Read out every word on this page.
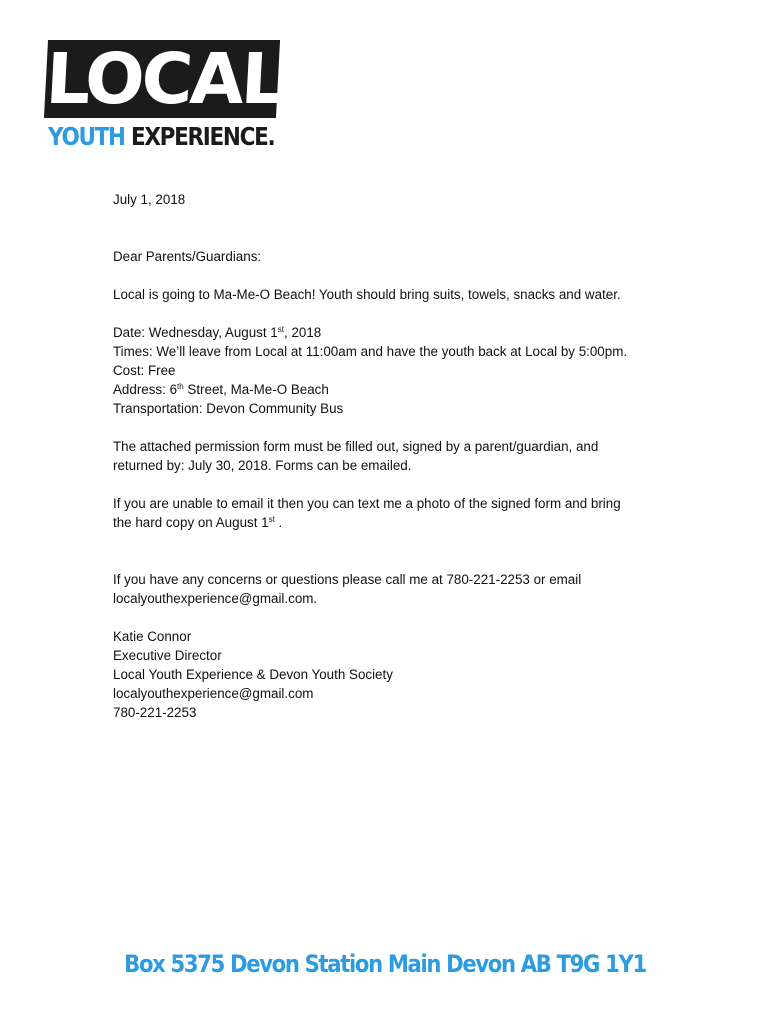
LOCAL
YOUTH EXPERIENCE.
July 1, 2018
Dear Parents/Guardians:
Local is going to Ma-Me-O Beach! Youth should bring suits, towels, snacks and water.
Date: Wednesday, August 1st, 2018
Times: We’ll leave from Local at 11:00am and have the youth back at Local by 5:00pm.
Cost: Free
Address: 6th Street, Ma-Me-O Beach
Transportation: Devon Community Bus
The attached permission form must be filled out, signed by a parent/guardian, and
returned by: July 30, 2018. Forms can be emailed.
If you are unable to email it then you can text me a photo of the signed form and bring
the hard copy on August 1st .
If you have any concerns or questions please call me at 780-221-2253 or email
localyouthexperience@gmail.com.
Katie Connor
Executive Director
Local Youth Experience & Devon Youth Society
localyouthexperience@gmail.com
780-221-2253
Box 5375 Devon Station Main Devon AB T9G 1Y1
